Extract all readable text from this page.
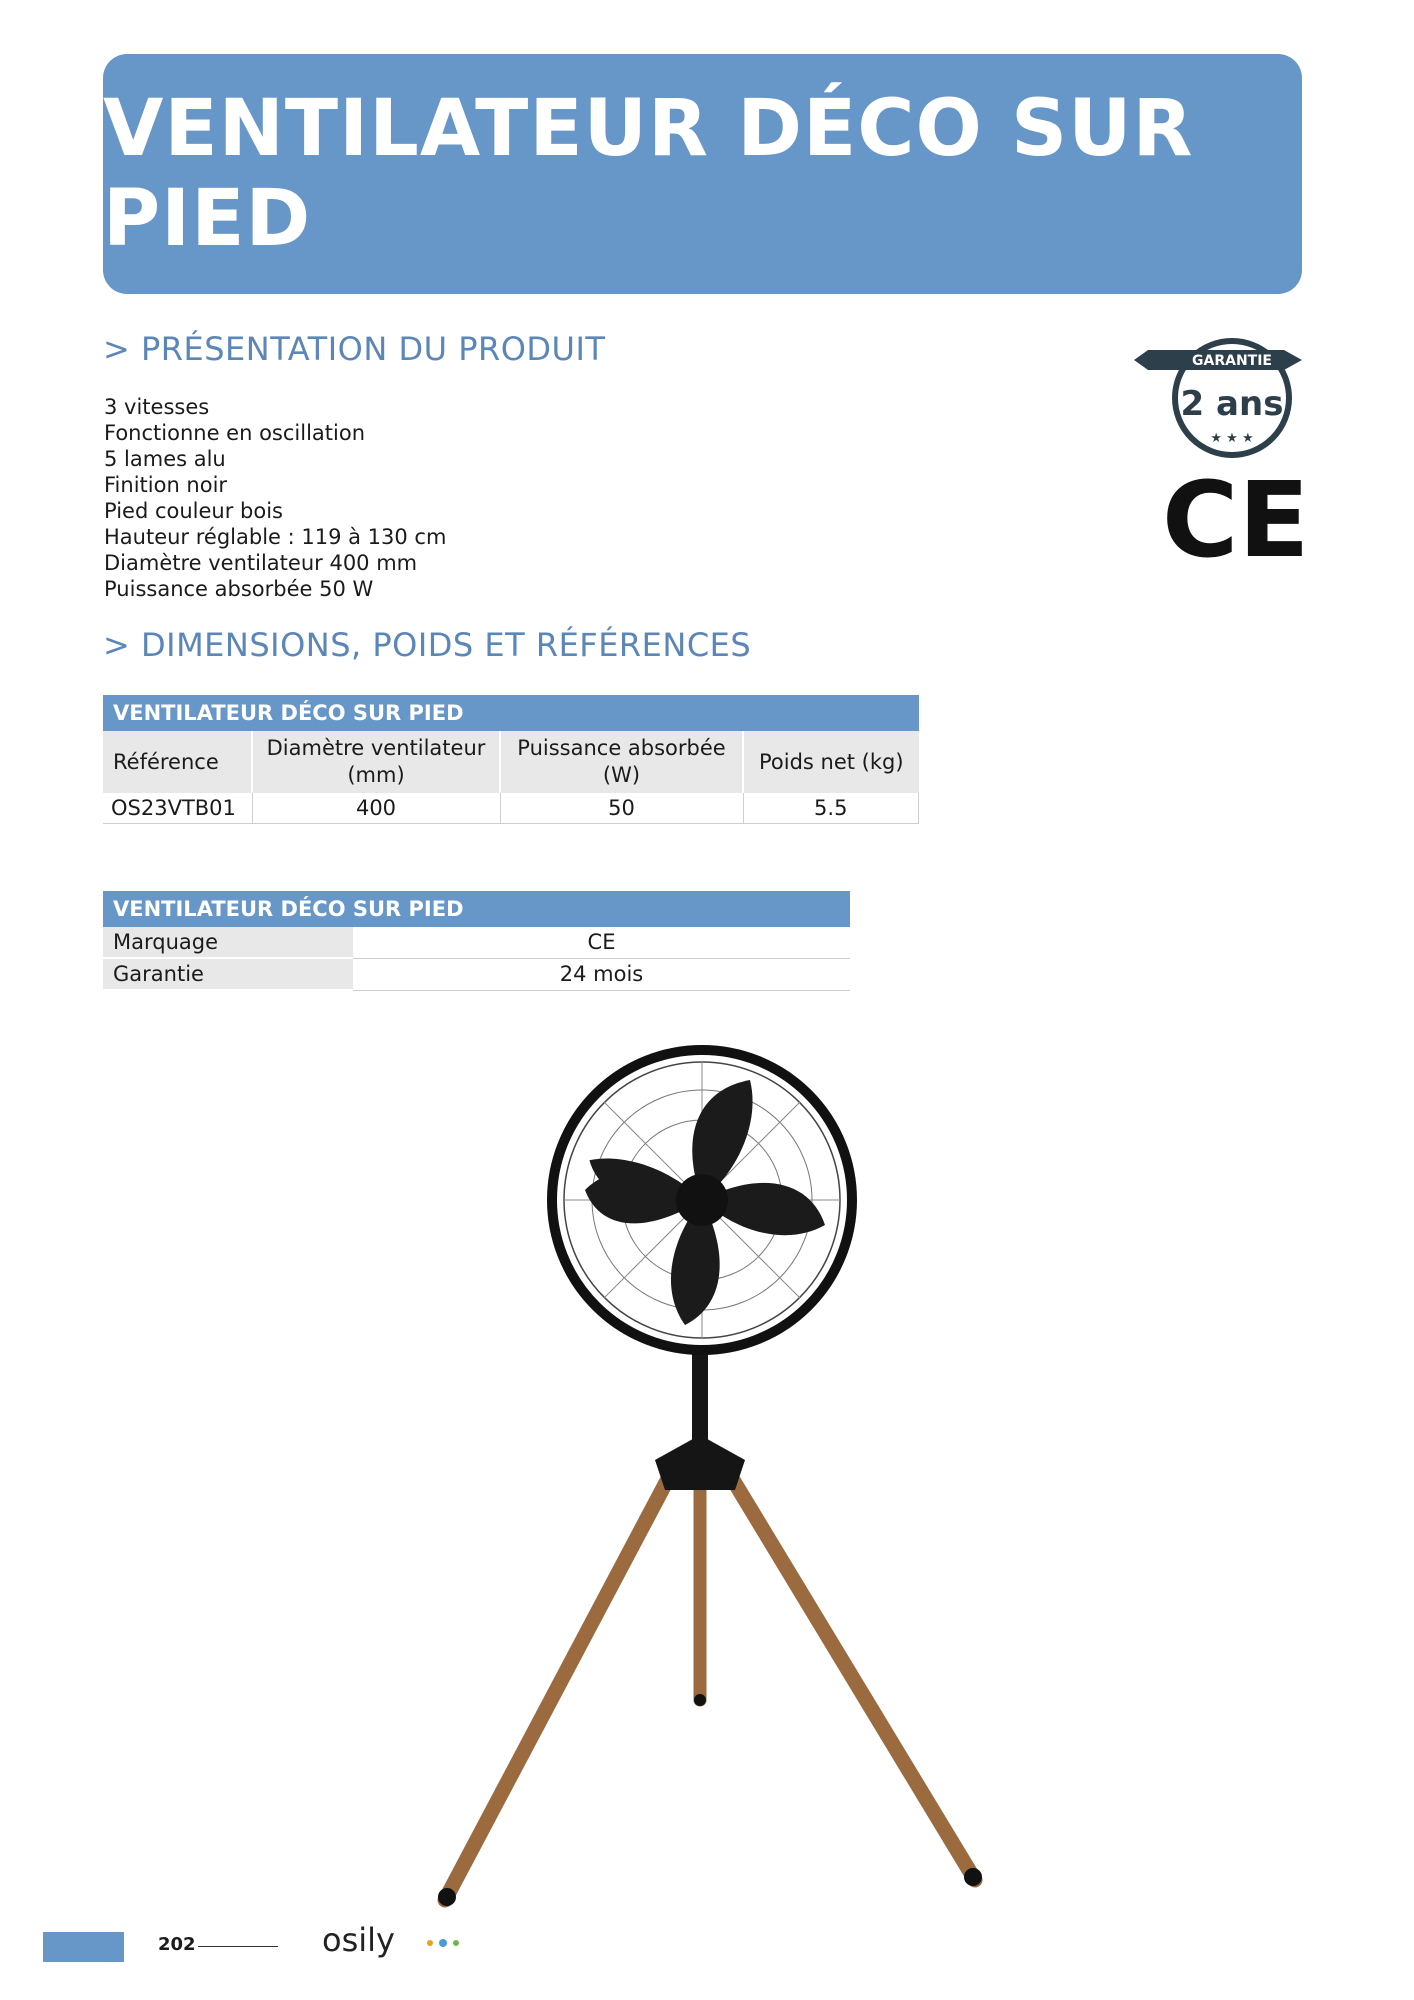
VENTILATEUR DÉCO SUR PIED
> PRÉSENTATION DU PRODUIT
3 vitesses
Fonctionne en oscillation
5 lames alu
Finition noir
Pied couleur bois
Hauteur réglable : 119 à 130 cm
Diamètre ventilateur 400 mm
Puissance absorbée 50 W
> DIMENSIONS, POIDS ET RÉFÉRENCES
VENTILATEUR DÉCO SUR PIED			
Référence	Diamètre ventilateur (mm)	Puissance absorbée (W)	Poids net (kg)
OS23VTB01	400	50	5.5
VENTILATEUR DÉCO SUR PIED	
Marquage	CE
Garantie	24 mois
GARANTIE
2 ans
★ ★ ★
CE
202	osily
